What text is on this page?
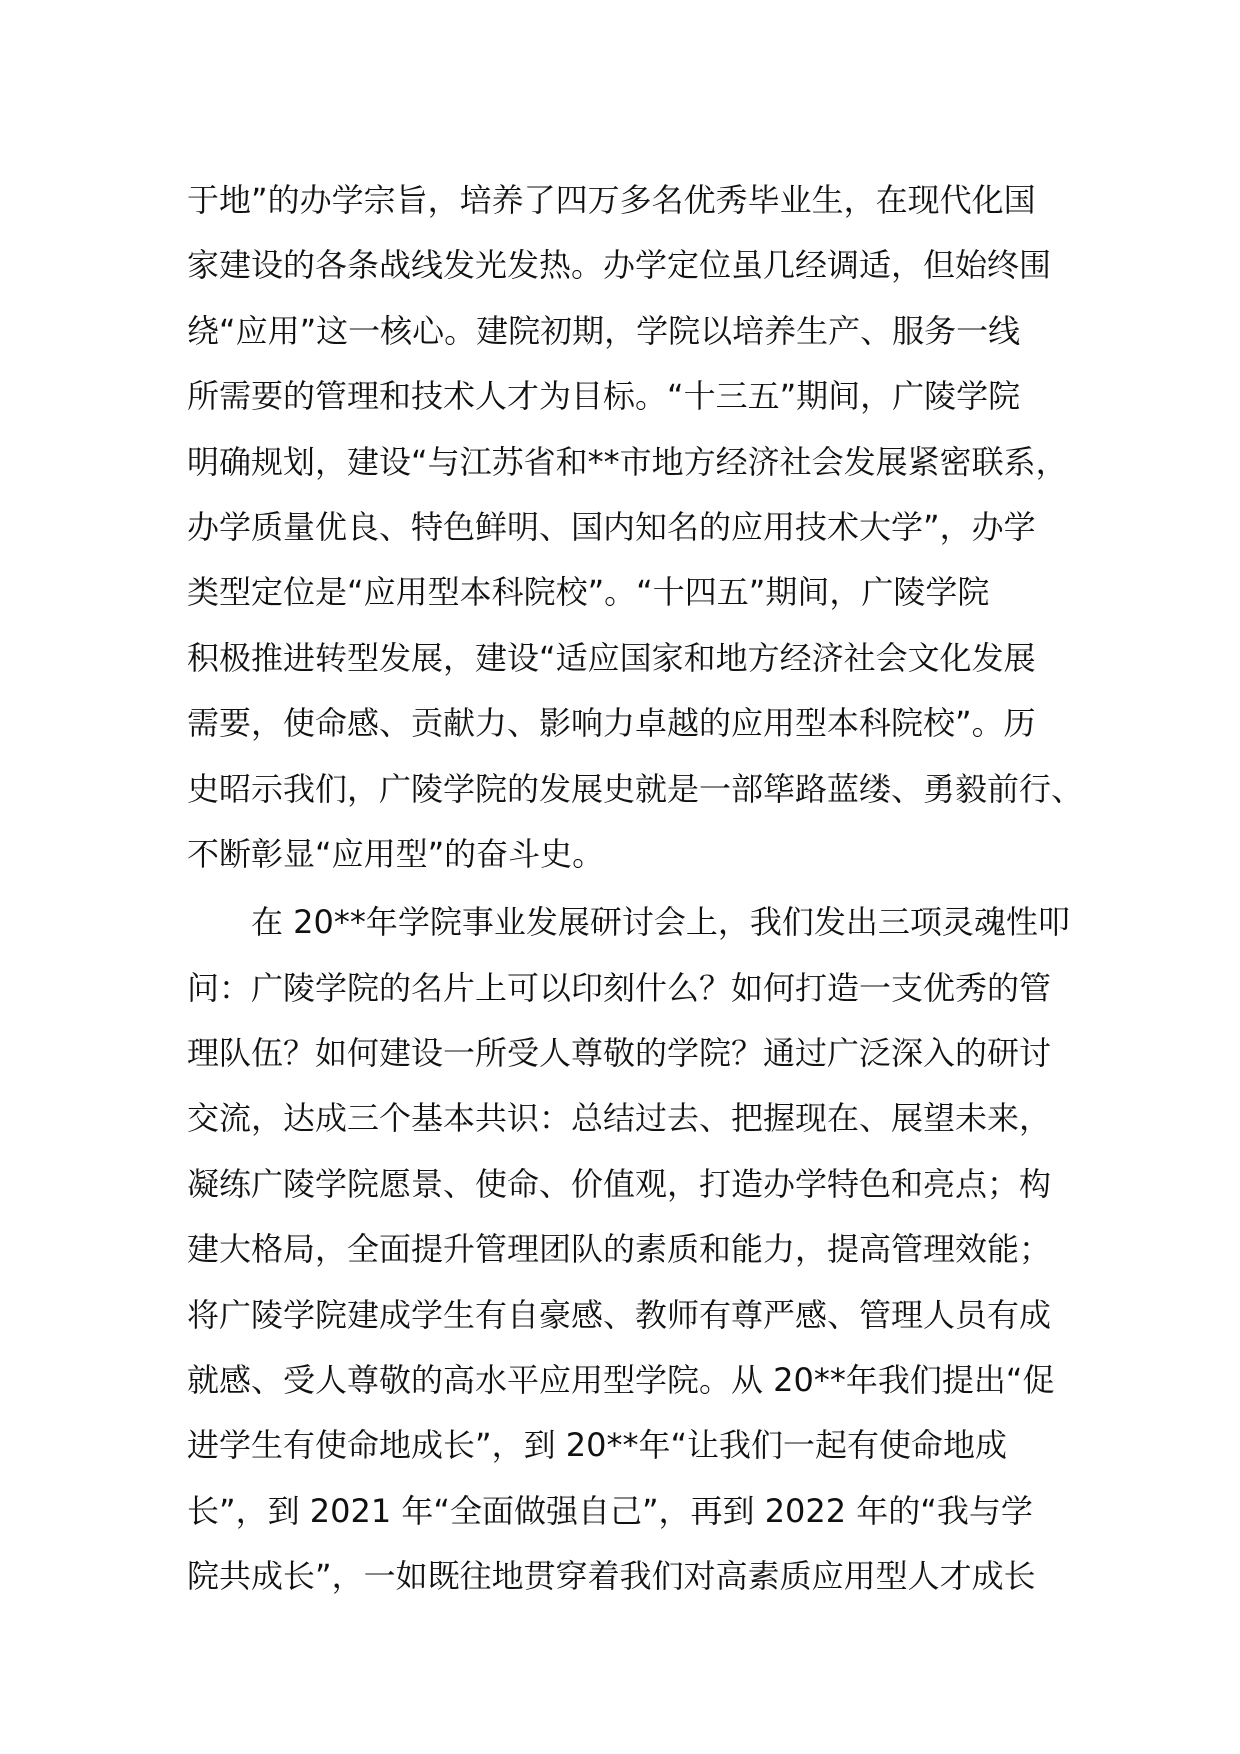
于地”的办学宗旨，培养了四万多名优秀毕业生，在现代化国
家建设的各条战线发光发热。办学定位虽几经调适，但始终围
绕“应用”这一核心。建院初期，学院以培养生产、服务一线
所需要的管理和技术人才为目标。“十三五”期间，广陵学院
明确规划，建设“与江苏省和**市地方经济社会发展紧密联系，
办学质量优良、特色鲜明、国内知名的应用技术大学”，办学
类型定位是“应用型本科院校”。“十四五”期间，广陵学院
积极推进转型发展，建设“适应国家和地方经济社会文化发展
需要，使命感、贡献力、影响力卓越的应用型本科院校”。历
史昭示我们，广陵学院的发展史就是一部筚路蓝缕、勇毅前行、
不断彰显“应用型”的奋斗史。
在 20**年学院事业发展研讨会上，我们发出三项灵魂性叩
问：广陵学院的名片上可以印刻什么？如何打造一支优秀的管
理队伍？如何建设一所受人尊敬的学院？通过广泛深入的研讨
交流，达成三个基本共识：总结过去、把握现在、展望未来，
凝练广陵学院愿景、使命、价值观，打造办学特色和亮点；构
建大格局，全面提升管理团队的素质和能力，提高管理效能；
将广陵学院建成学生有自豪感、教师有尊严感、管理人员有成
就感、受人尊敬的高水平应用型学院。从 20**年我们提出“促
进学生有使命地成长”，到 20**年“让我们一起有使命地成
长”，到 2021 年“全面做强自己”，再到 2022 年的“我与学
院共成长”，一如既往地贯穿着我们对高素质应用型人才成长
